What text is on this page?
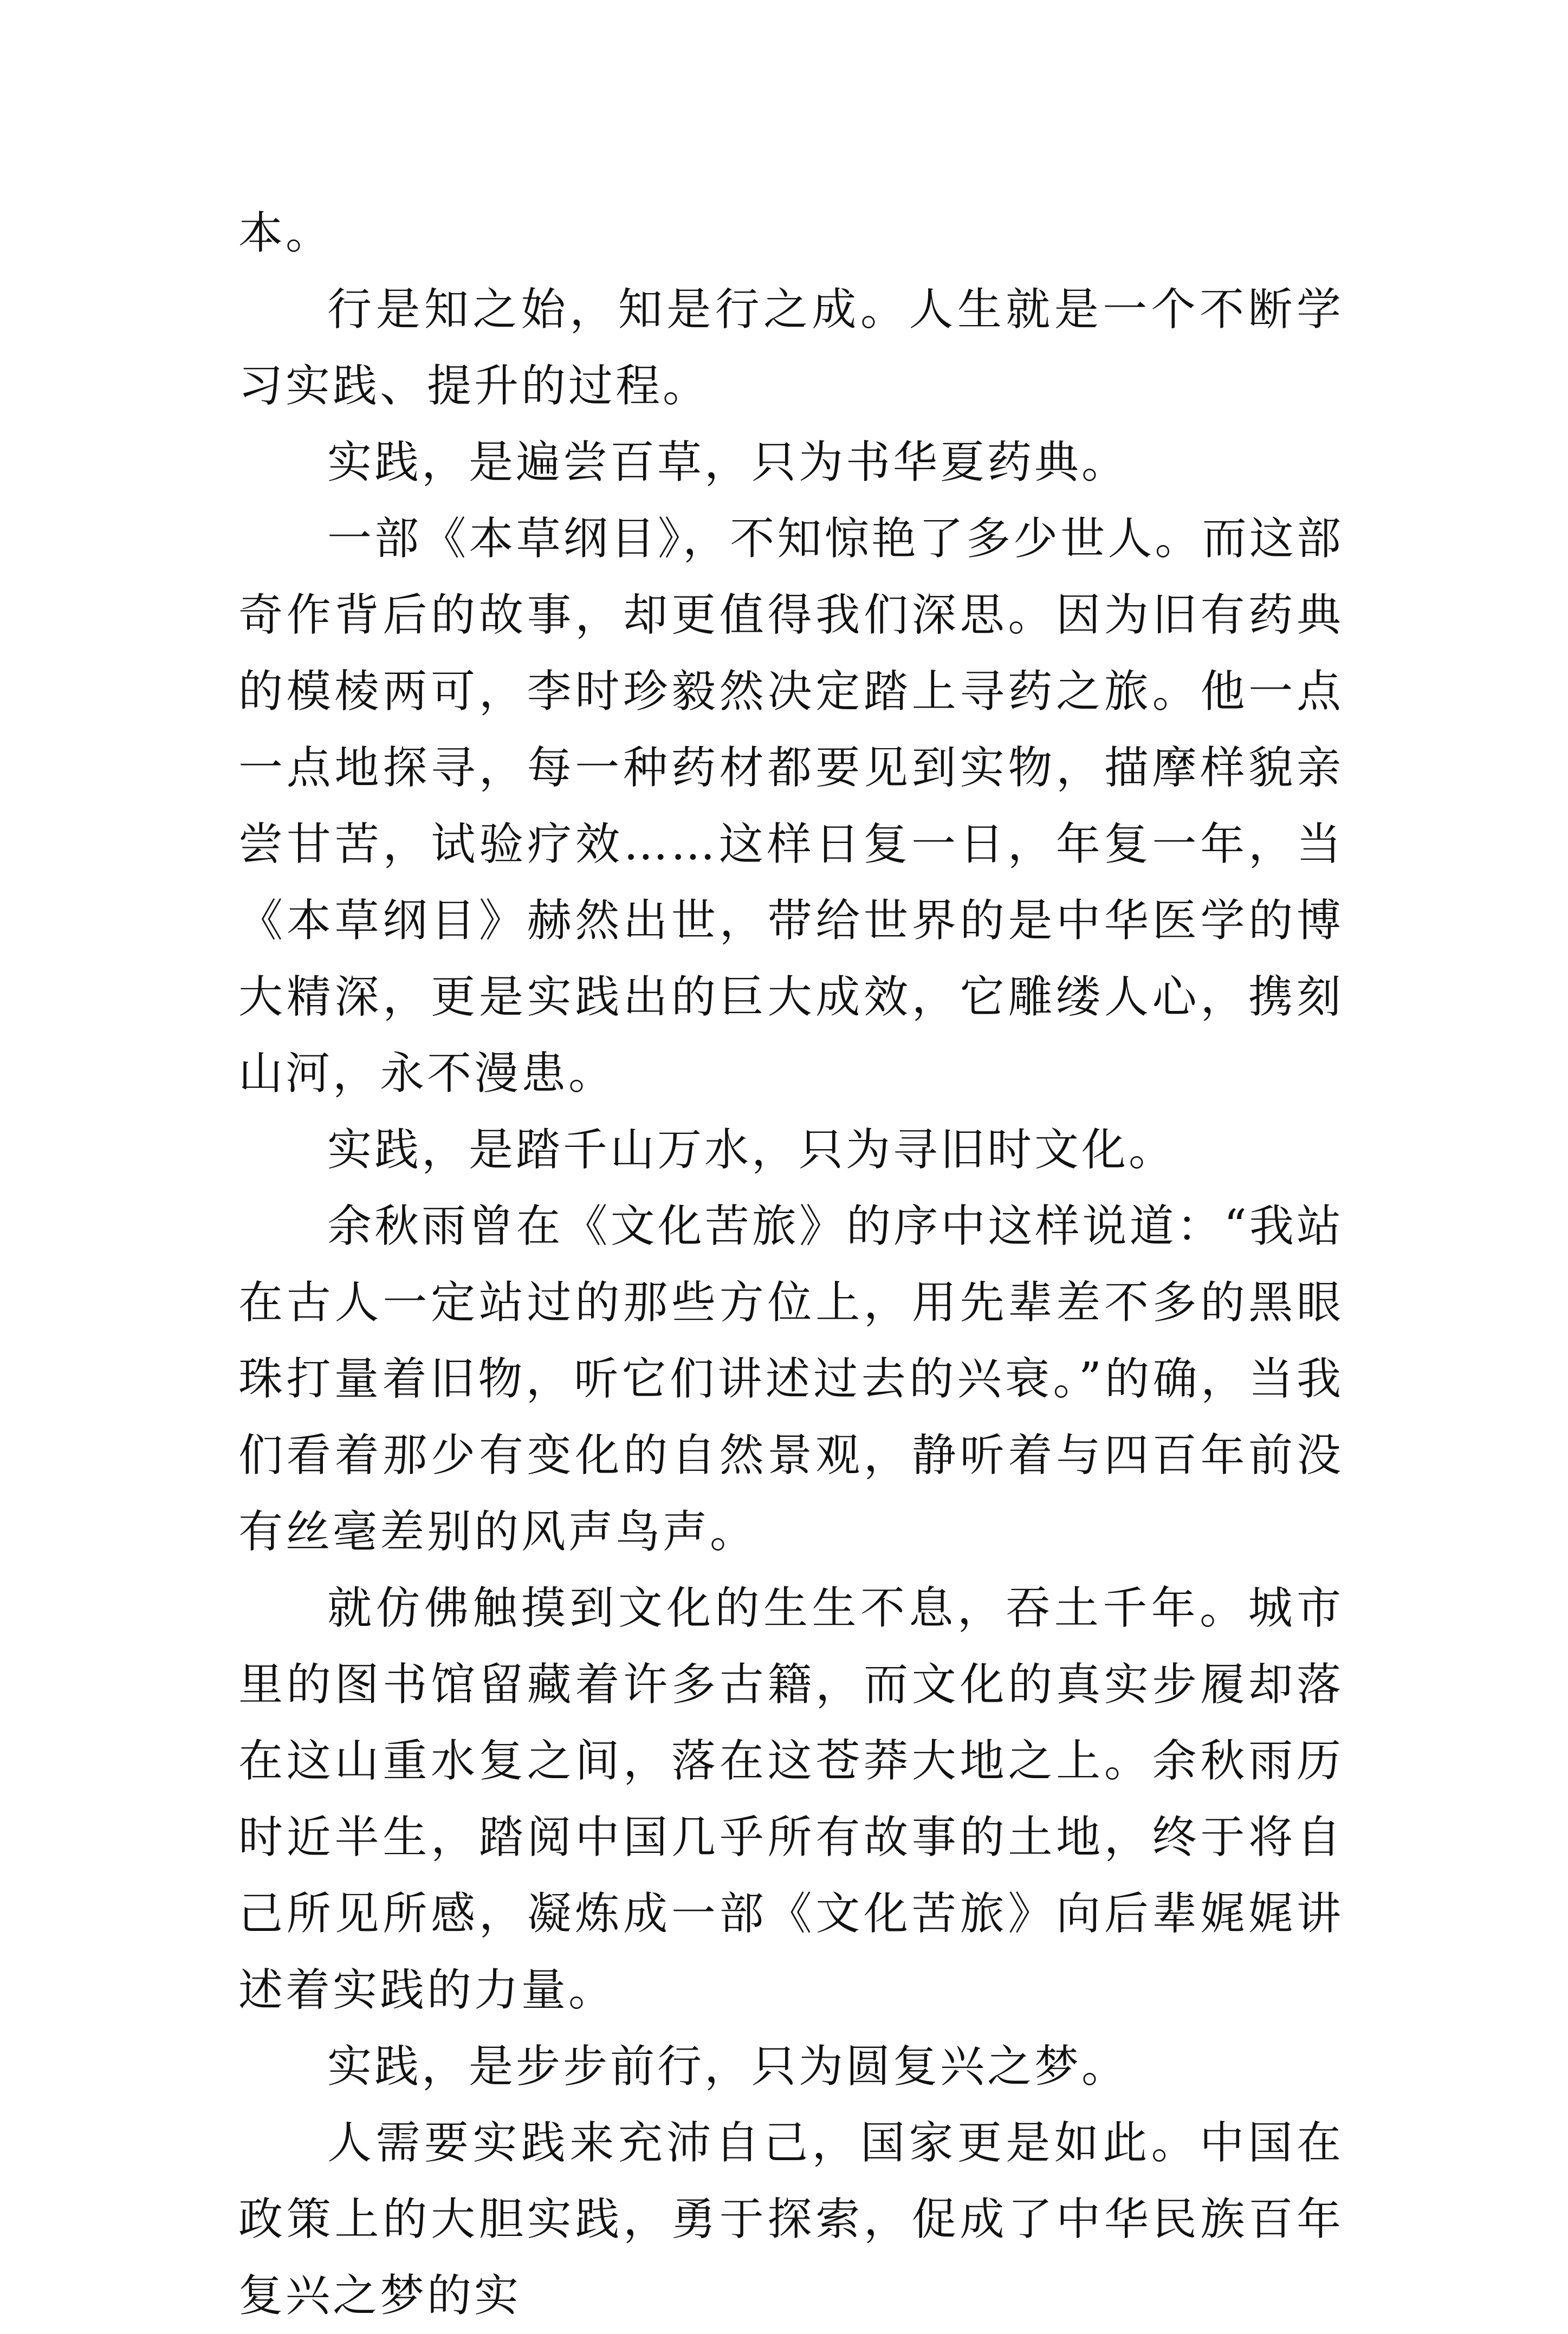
本。

行是知之始，知是行之成。人生就是一个不断学习实践、提升的过程。

实践，是遍尝百草，只为书华夏药典。

一部《本草纲目》，不知惊艳了多少世人。而这部奇作背后的故事，却更值得我们深思。因为旧有药典的模棱两可，李时珍毅然决定踏上寻药之旅。他一点一点地探寻，每一种药材都要见到实物，描摩样貌亲尝甘苦，试验疗效……这样日复一日，年复一年，当《本草纲目》赫然出世，带给世界的是中华医学的博大精深，更是实践出的巨大成效，它雕缕人心，携刻山河，永不漫患。

实践，是踏千山万水，只为寻旧时文化。

余秋雨曾在《文化苦旅》的序中这样说道：“我站在古人一定站过的那些方位上，用先辈差不多的黑眼珠打量着旧物，听它们讲述过去的兴衰。”的确，当我们看着那少有变化的自然景观，静听着与四百年前没有丝毫差别的风声鸟声。

就仿佛触摸到文化的生生不息，吞土千年。城市里的图书馆留藏着许多古籍，而文化的真实步履却落在这山重水复之间，落在这苍莽大地之上。余秋雨历时近半生，踏阅中国几乎所有故事的土地，终于将自己所见所感，凝炼成一部《文化苦旅》向后辈娓娓讲述着实践的力量。

实践，是步步前行，只为圆复兴之梦。

人需要实践来充沛自己，国家更是如此。中国在政策上的大胆实践，勇于探索，促成了中华民族百年复兴之梦的实
